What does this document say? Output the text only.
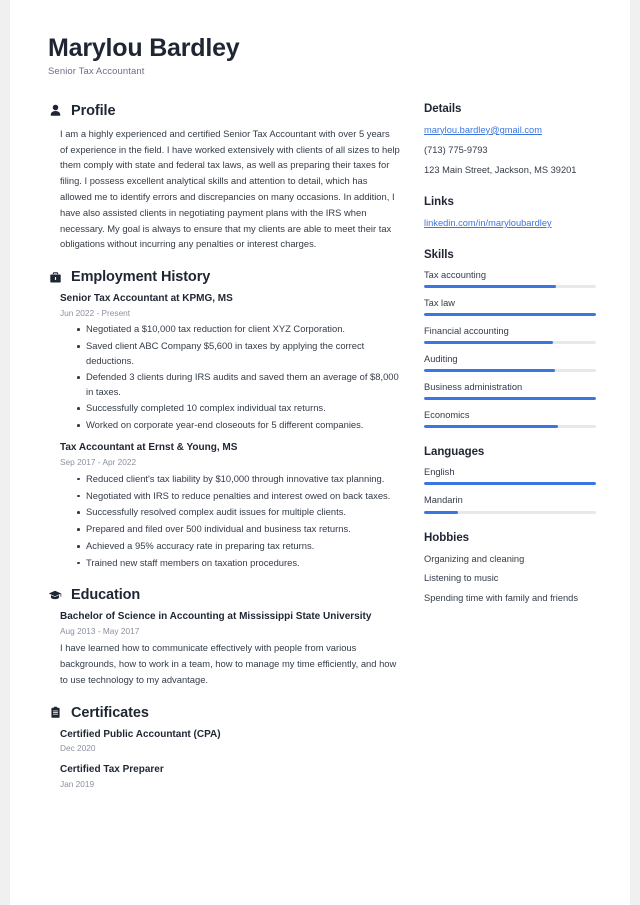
Marylou Bardley

Senior Tax Accountant

Profile

I am a highly experienced and certified Senior Tax Accountant with over 5 years of experience in the field. I have worked extensively with clients of all sizes to help them comply with state and federal tax laws, as well as preparing their taxes for filing. I possess excellent analytical skills and attention to detail, which has allowed me to identify errors and discrepancies on many occasions. In addition, I have also assisted clients in negotiating payment plans with the IRS when necessary. My goal is always to ensure that my clients are able to meet their tax obligations without incurring any penalties or interest charges.

Employment History

Senior Tax Accountant at KPMG, MS

Jun 2022 - Present

Negotiated a $10,000 tax reduction for client XYZ Corporation.
Saved client ABC Company $5,600 in taxes by applying the correct deductions.
Defended 3 clients during IRS audits and saved them an average of $8,000 in taxes.
Successfully completed 10 complex individual tax returns.
Worked on corporate year-end closeouts for 5 different companies.

Tax Accountant at Ernst & Young, MS

Sep 2017 - Apr 2022

Reduced client's tax liability by $10,000 through innovative tax planning.
Negotiated with IRS to reduce penalties and interest owed on back taxes.
Successfully resolved complex audit issues for multiple clients.
Prepared and filed over 500 individual and business tax returns.
Achieved a 95% accuracy rate in preparing tax returns.
Trained new staff members on taxation procedures.
Education

Bachelor of Science in Accounting at Mississippi State University

Aug 2013 - May 2017

I have learned how to communicate effectively with people from various backgrounds, how to work in a team, how to manage my time efficiently, and how to use technology to my advantage.

Certificates

Certified Public Accountant (CPA)

Dec 2020

Certified Tax Preparer

Jan 2019

Details

marylou.bardley@gmail.com

(713) 775-9793

123 Main Street, Jackson, MS 39201

Links

linkedin.com/in/maryloubardley

Skills

Tax accounting

Tax law

Financial accounting

Auditing

Business administration

Economics

Languages

English

Mandarin

Hobbies

Organizing and cleaning

Listening to music

Spending time with family and friends
